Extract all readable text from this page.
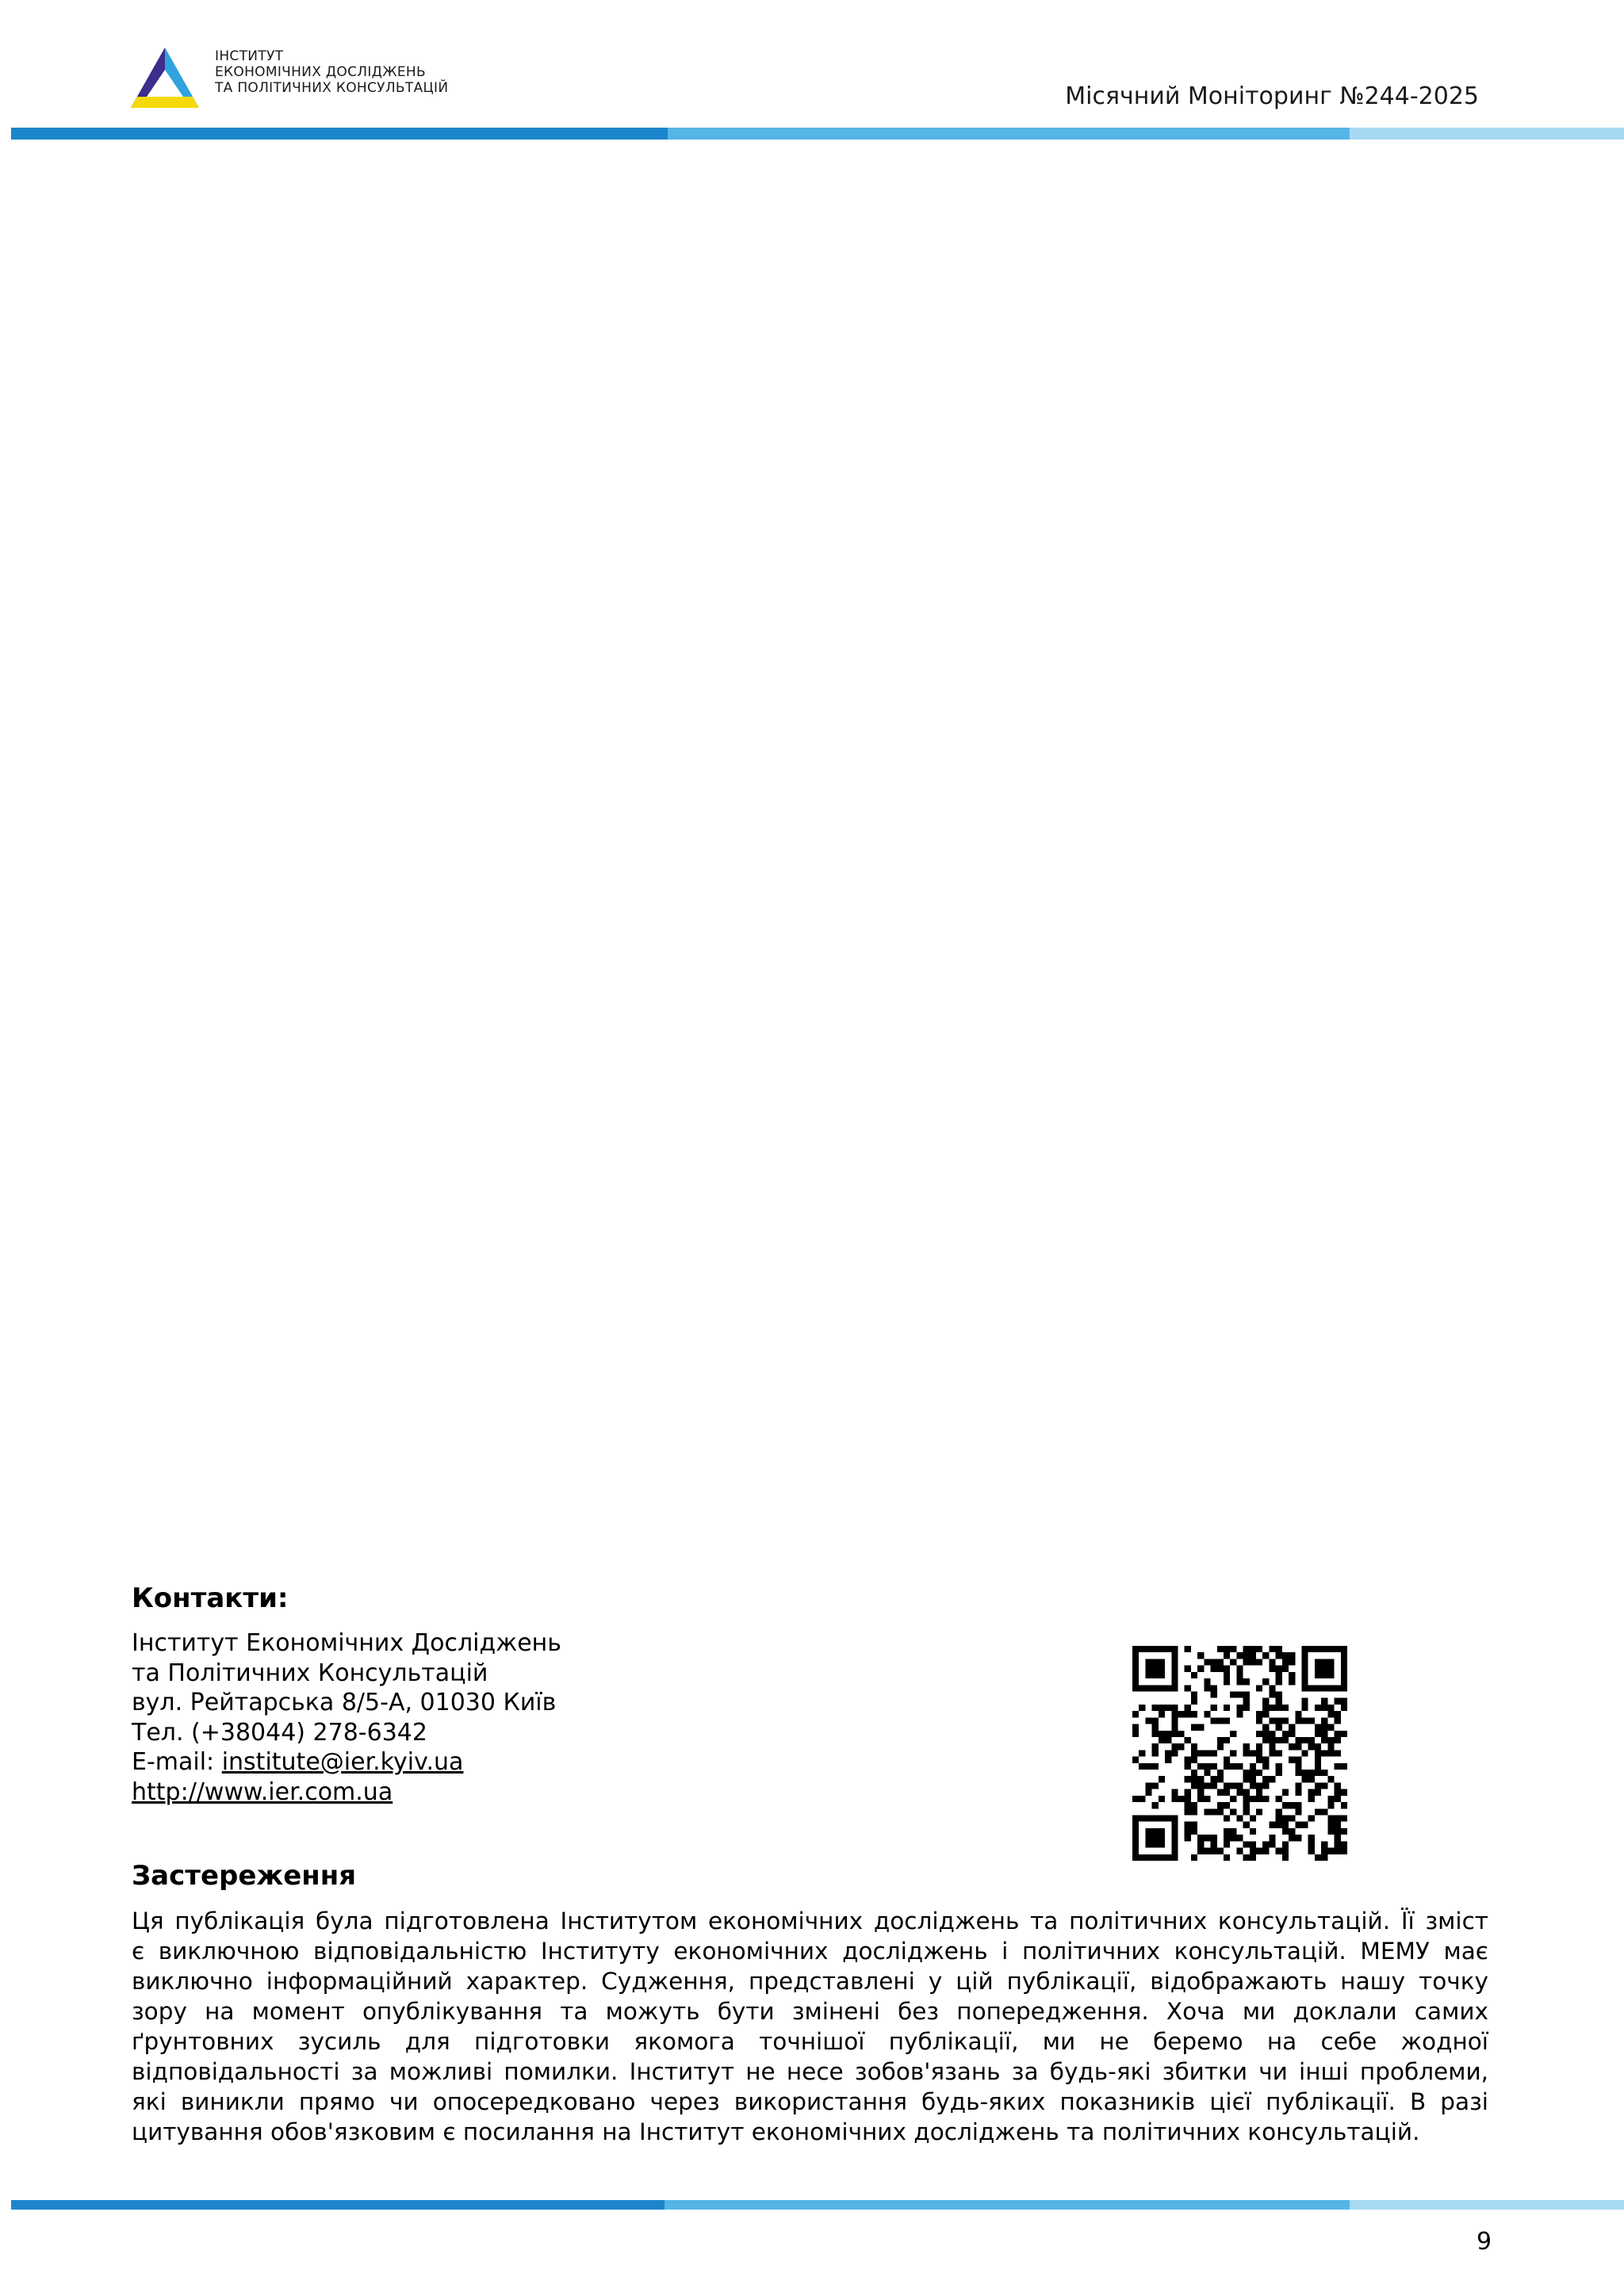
ІНСТИТУТ
ЕКОНОМІЧНИХ ДОСЛІДЖЕНЬ
ТА ПОЛІТИЧНИХ КОНСУЛЬТАЦІЙ	Місячний Моніторинг №244-2025
Контакти:
Інститут Економічних Досліджень
та Політичних Консультацій
вул. Рейтарська 8/5-А, 01030 Київ
Тел. (+38044) 278-6342
E-mail: institute@ier.kyiv.ua
http://www.ier.com.ua
Застереження
Ця публікація була підготовлена Інститутом економічних досліджень та політичних консультацій. Її зміст
є виключною відповідальністю Інституту економічних досліджень і політичних консультацій. МЕМУ має
виключно інформаційний характер. Судження, представлені у цій публікації, відображають нашу точку
зору на момент опублікування та можуть бути змінені без попередження. Хоча ми доклали самих
ґрунтовних зусиль для підготовки якомога точнішої публікації, ми не беремо на себе жодної
відповідальності за можливі помилки. Інститут не несе зобов'язань за будь-які збитки чи інші проблеми,
які виникли прямо чи опосередковано через використання будь-яких показників цієї публікації. В разі
цитування обов'язковим є посилання на Інститут економічних досліджень та політичних консультацій.
9
